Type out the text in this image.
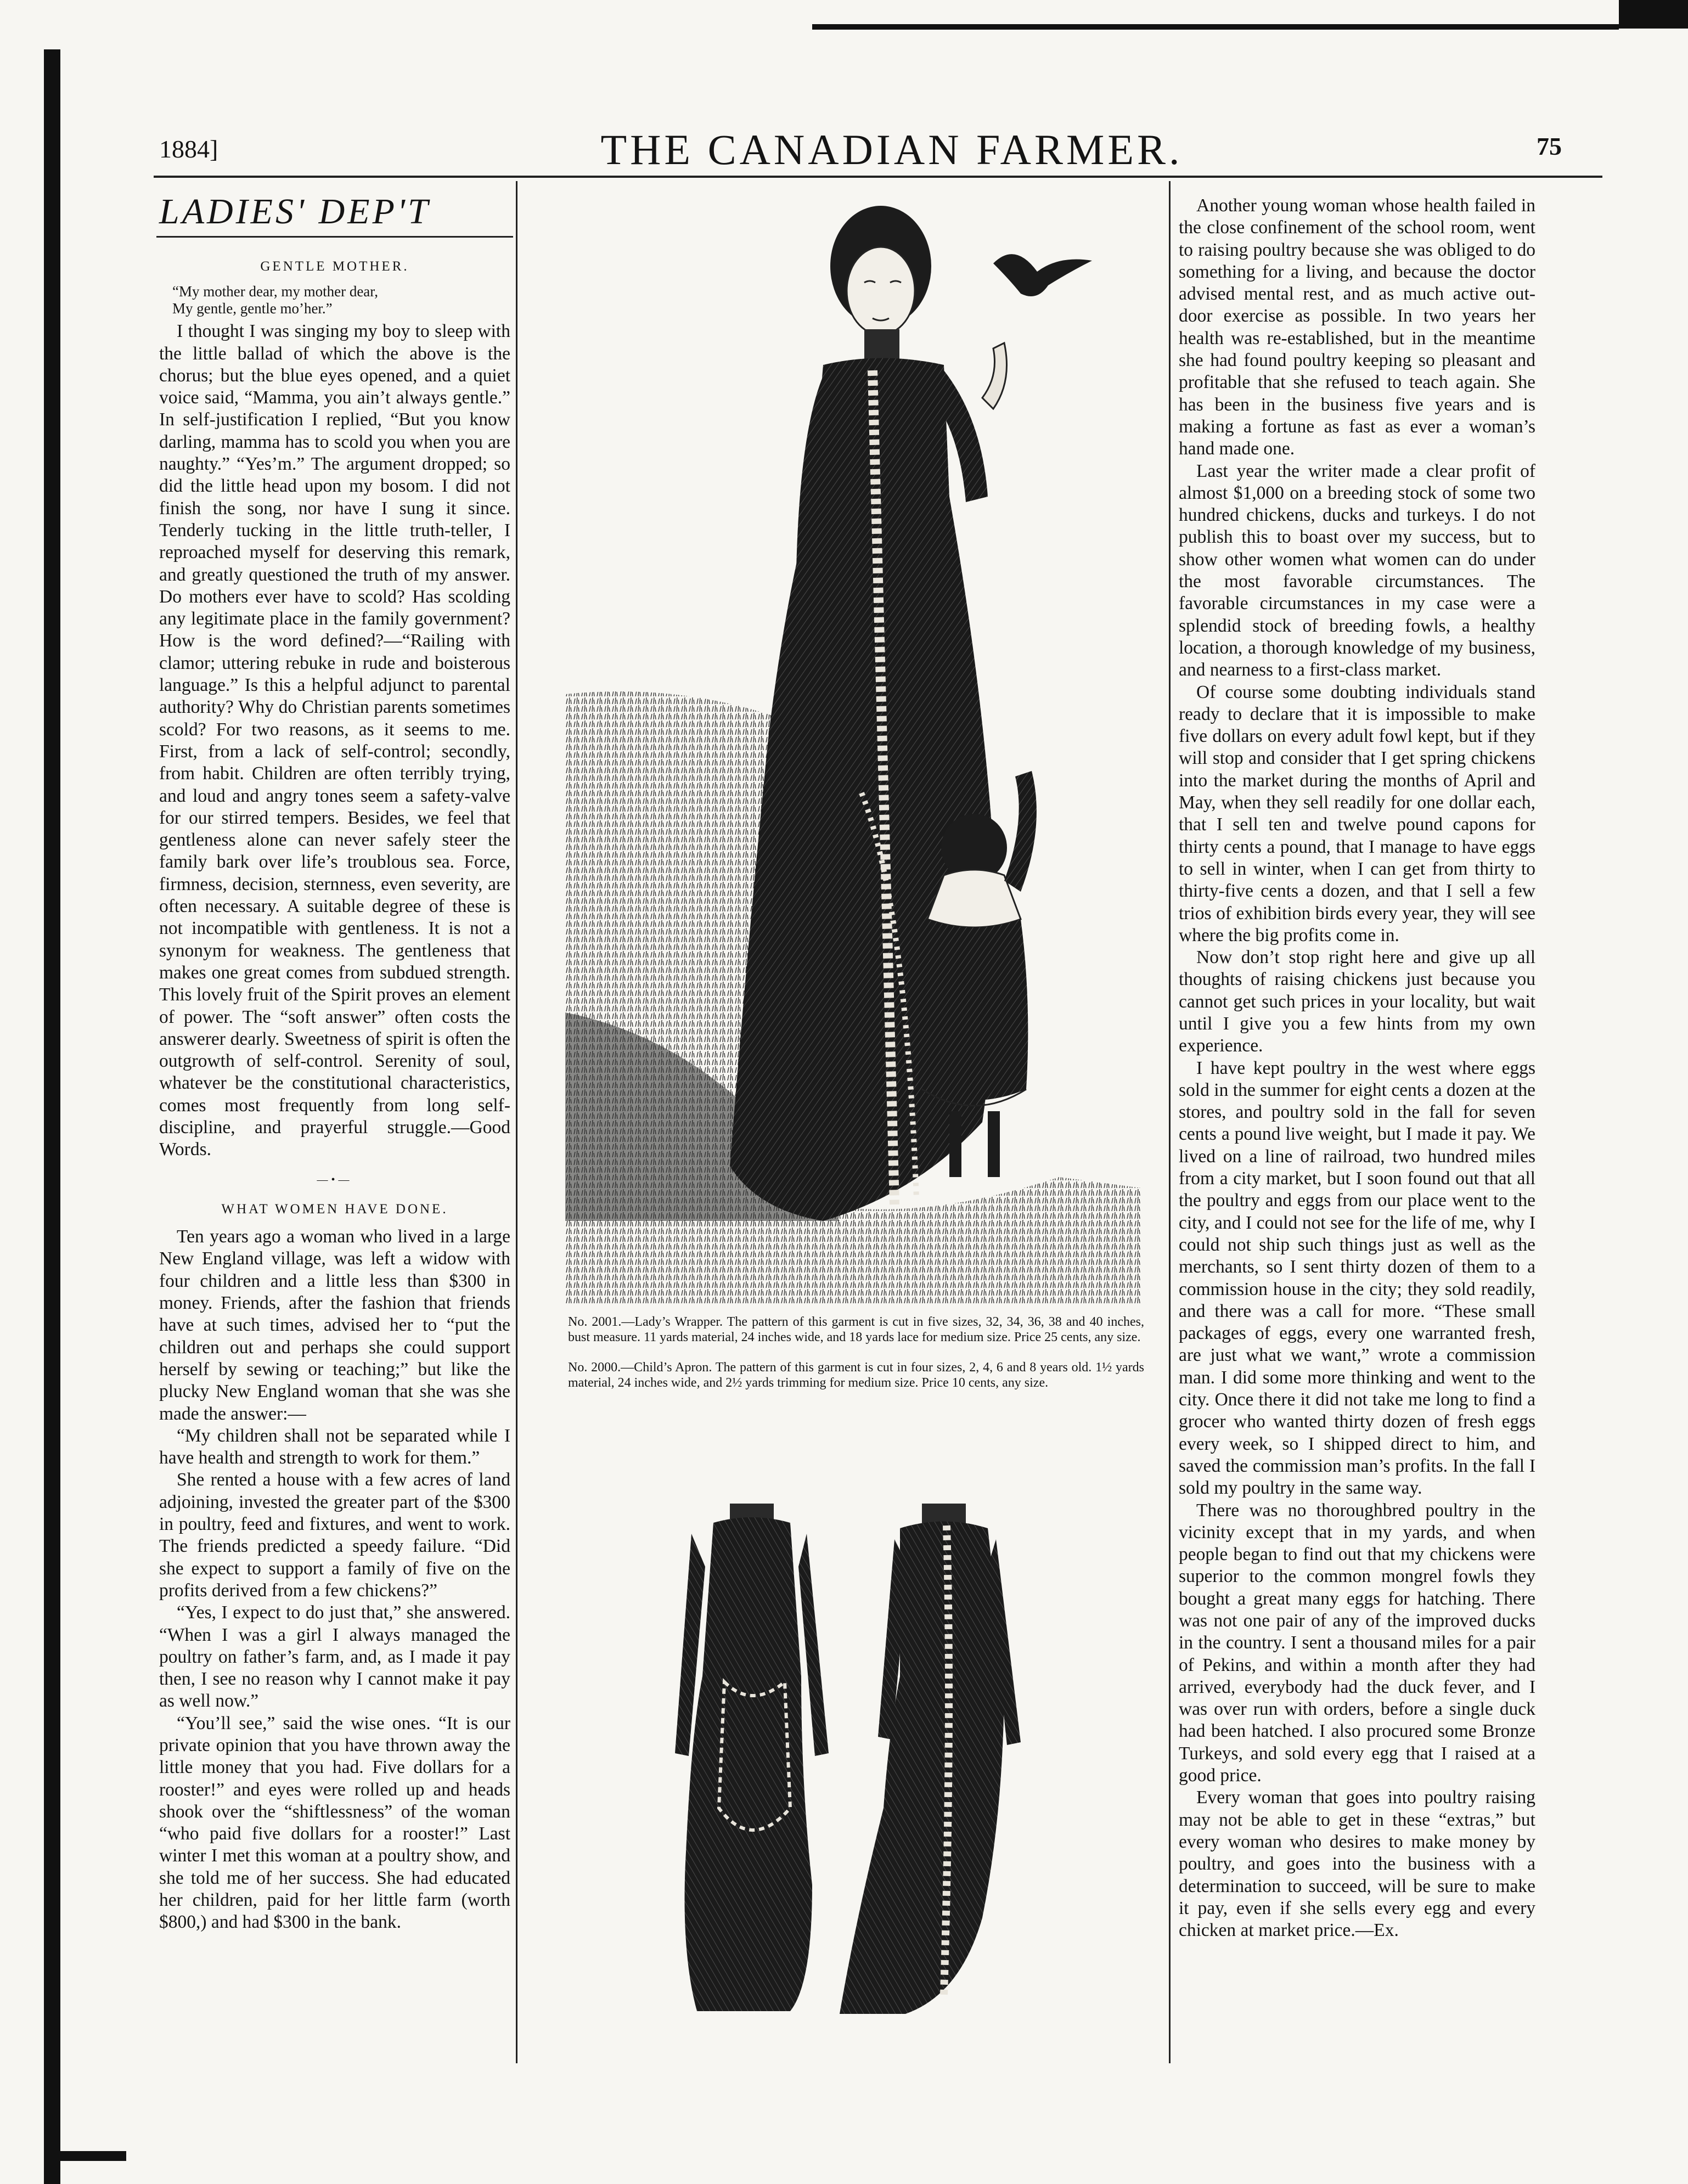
1884]	THE CANADIAN FARMER.	75
LADIES' DEP'T
GENTLE MOTHER.

“My mother dear, my mother dear,

My gentle, gentle mo’her.”

I thought I was singing my boy to sleep with the little ballad of which the above is the chorus; but the blue eyes opened, and a quiet voice said, “Mamma, you ain’t always gentle.” In self-justification I replied, “But you know darling, mamma has to scold you when you are naughty.” “Yes’m.” The argument dropped; so did the little head upon my bosom. I did not finish the song, nor have I sung it since. Tenderly tucking in the little truth-teller, I reproached myself for deserving this remark, and greatly questioned the truth of my answer. Do mothers ever have to scold? Has scolding any legitimate place in the family government? How is the word defined?—“Railing with clamor; uttering rebuke in rude and boisterous language.” Is this a helpful adjunct to parental authority? Why do Christian parents sometimes scold? For two reasons, as it seems to me. First, from a lack of self-control; secondly, from habit. Children are often terribly trying, and loud and angry tones seem a safety-valve for our stirred tempers. Besides, we feel that gentleness alone can never safely steer the family bark over life’s troublous sea. Force, firmness, decision, sternness, even severity, are often necessary. A suitable degree of these is not incompatible with gentleness. It is not a synonym for weakness. The gentleness that makes one great comes from subdued strength. This lovely fruit of the Spirit proves an element of power. The “soft answer” often costs the answerer dearly. Sweetness of spirit is often the outgrowth of self-control. Serenity of soul, whatever be the constitutional characteristics, comes most frequently from long self-discipline, and prayerful struggle.—Good Words.

—•—
WHAT WOMEN HAVE DONE.

Ten years ago a woman who lived in a large New England village, was left a widow with four children and a little less than $300 in money. Friends, after the fashion that friends have at such times, advised her to “put the children out and perhaps she could support herself by sewing or teaching;” but like the plucky New England woman that she was she made the answer:—

“My children shall not be separated while I have health and strength to work for them.”

She rented a house with a few acres of land adjoining, invested the greater part of the $300 in poultry, feed and fixtures, and went to work. The friends predicted a speedy failure. “Did she expect to support a family of five on the profits derived from a few chickens?”

“Yes, I expect to do just that,” she answered. “When I was a girl I always managed the poultry on father’s farm, and, as I made it pay then, I see no reason why I cannot make it pay as well now.”

“You’ll see,” said the wise ones. “It is our private opinion that you have thrown away the little money that you had. Five dollars for a rooster!” and eyes were rolled up and heads shook over the “shiftlessness” of the woman “who paid five dollars for a rooster!” Last winter I met this woman at a poultry show, and she told me of her success. She had educated her children, paid for her little farm (worth $800,) and had $300 in the bank.

No. 2001.—Lady’s Wrapper. The pattern of this garment is cut in five sizes, 32, 34, 36, 38 and 40 inches, bust measure. 11 yards material, 24 inches wide, and 18 yards lace for medium size. Price 25 cents, any size.
No. 2000.—Child’s Apron. The pattern of this garment is cut in four sizes, 2, 4, 6 and 8 years old. 1½ yards material, 24 inches wide, and 2½ yards trimming for medium size. Price 10 cents, any size.

Another young woman whose health failed in the close confinement of the school room, went to raising poultry because she was obliged to do something for a living, and because the doctor advised mental rest, and as much active out-door exercise as possible. In two years her health was re-established, but in the meantime she had found poultry keeping so pleasant and profitable that she refused to teach again. She has been in the business five years and is making a fortune as fast as ever a woman’s hand made one.

Last year the writer made a clear profit of almost $1,000 on a breeding stock of some two hundred chickens, ducks and turkeys. I do not publish this to boast over my success, but to show other women what women can do under the most favorable circumstances. The favorable circumstances in my case were a splendid stock of breeding fowls, a healthy location, a thorough knowledge of my business, and nearness to a first-class market.

Of course some doubting individuals stand ready to declare that it is impossible to make five dollars on every adult fowl kept, but if they will stop and consider that I get spring chickens into the market during the months of April and May, when they sell readily for one dollar each, that I sell ten and twelve pound capons for thirty cents a pound, that I manage to have eggs to sell in winter, when I can get from thirty to thirty-five cents a dozen, and that I sell a few trios of exhibition birds every year, they will see where the big profits come in.

Now don’t stop right here and give up all thoughts of raising chickens just because you cannot get such prices in your locality, but wait until I give you a few hints from my own experience.

I have kept poultry in the west where eggs sold in the summer for eight cents a dozen at the stores, and poultry sold in the fall for seven cents a pound live weight, but I made it pay. We lived on a line of railroad, two hundred miles from a city market, but I soon found out that all the poultry and eggs from our place went to the city, and I could not see for the life of me, why I could not ship such things just as well as the merchants, so I sent thirty dozen of them to a commission house in the city; they sold readily, and there was a call for more. “These small packages of eggs, every one warranted fresh, are just what we want,” wrote a commission man. I did some more thinking and went to the city. Once there it did not take me long to find a grocer who wanted thirty dozen of fresh eggs every week, so I shipped direct to him, and saved the commission man’s profits. In the fall I sold my poultry in the same way.

There was no thoroughbred poultry in the vicinity except that in my yards, and when people began to find out that my chickens were superior to the common mongrel fowls they bought a great many eggs for hatching. There was not one pair of any of the improved ducks in the country. I sent a thousand miles for a pair of Pekins, and within a month after they had arrived, everybody had the duck fever, and I was over run with orders, before a single duck had been hatched. I also procured some Bronze Turkeys, and sold every egg that I raised at a good price.

Every woman that goes into poultry raising may not be able to get in these “extras,” but every woman who desires to make money by poultry, and goes into the business with a determination to succeed, will be sure to make it pay, even if she sells every egg and every chicken at market price.—Ex.
